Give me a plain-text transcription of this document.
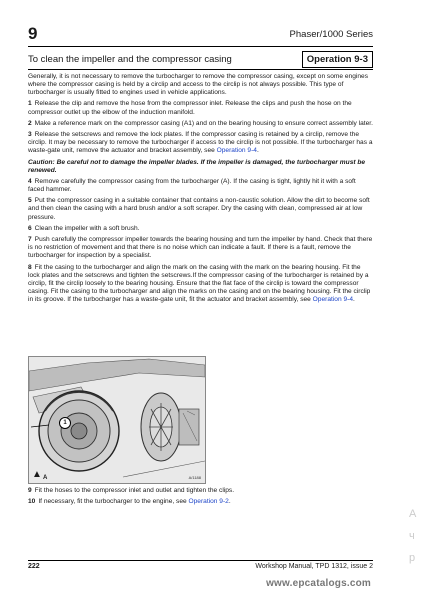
9	Phaser/1000 Series
To clean the impeller and the compressor casing	Operation 9-3

Generally, it is not necessary to remove the turbocharger to remove the compressor casing, except on some engines where the compressor casing is held by a circlip and access to the circlip is not always possible. This type of turbocharger is usually fitted to engines used in vehicle applications.

1 Release the clip and remove the hose from the compressor inlet. Release the clips and push the hose on the compressor outlet up the elbow of the induction manifold.

2 Make a reference mark on the compressor casing (A1) and on the bearing housing to ensure correct assembly later.

3 Release the setscrews and remove the lock plates. If the compressor casing is retained by a circlip, remove the circlip. It may be necessary to remove the turbocharger if access to the circlip is not possible. If the turbocharger has a waste-gate unit, remove the actuator and bracket assembly, see Operation 9-4.

Caution: Be careful not to damage the impeller blades. If the impeller is damaged, the turbocharger must be renewed.

4 Remove carefully the compressor casing from the turbocharger (A). If the casing is tight, lightly hit it with a soft faced hammer.

5 Put the compressor casing in a suitable container that contains a non-caustic solution. Allow the dirt to become soft and then clean the casing with a hard brush and/or a soft scraper. Dry the casing with clean, compressed air at low pressure.

6 Clean the impeller with a soft brush.

7 Push carefully the compressor impeller towards the bearing housing and turn the impeller by hand. Check that there is no restriction of movement and that there is no noise which can indicate a fault. If there is a fault, remove the turbocharger for inspection by a specialist.

8 Fit the casing to the turbocharger and align the mark on the casing with the mark on the bearing housing. Fit the lock plates and the setscrews and tighten the setscrews.If the compressor casing of the turbocharger is retained by a circlip, fit the circlip loosely to the bearing housing. Ensure that the flat face of the circlip is toward the compressor casing. Fit the casing to the turbocharger and align the marks on the casing and on the bearing housing. Fit the circlip in its groove. If the turbocharger has a waste-gate unit, fit the actuator and bracket assembly, see Operation 9-4.

1
▲ A	A/1188

9 Fit the hoses to the compressor inlet and outlet and tighten the clips.

10 If necessary, fit the turbocharger to the engine, see Operation 9-2.

222	Workshop Manual, TPD 1312, issue 2
www.epcatalogs.com
А
ч
р
